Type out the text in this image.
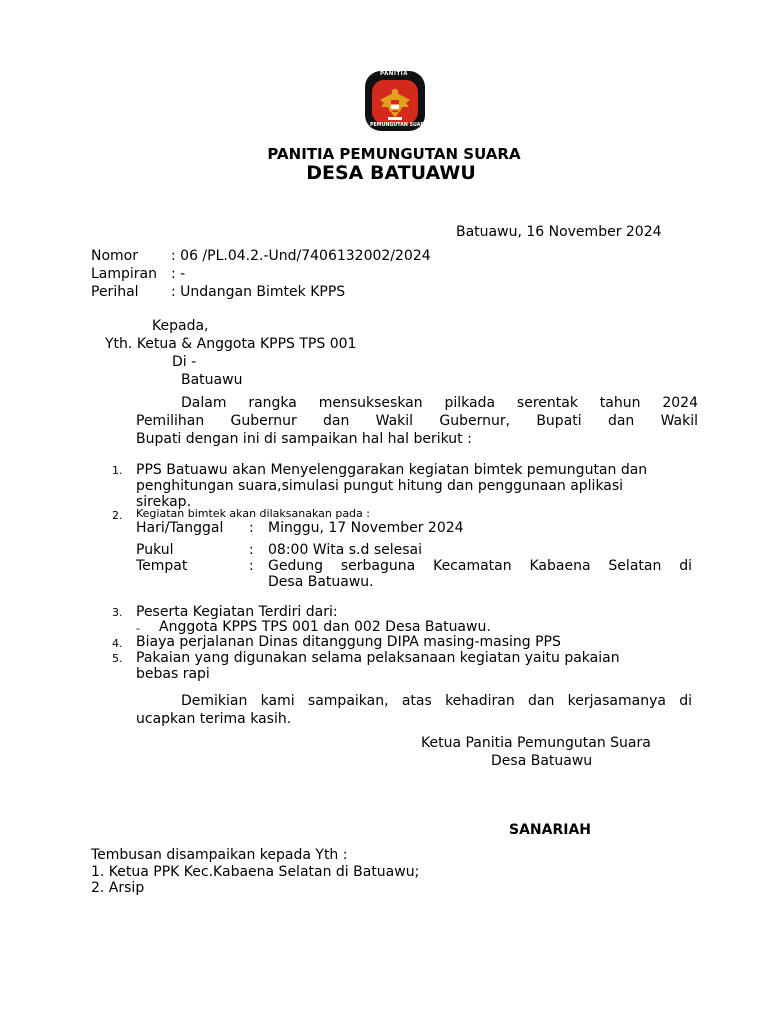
PANITIA
PEMUNGUTAN SUARA
PANITIA PEMUNGUTAN SUARA
DESA BATUAWU
Batuawu, 16 November 2024
Nomor : 06 /PL.04.2.-Und/7406132002/2024
Lampiran : -
Perihal : Undangan Bimtek KPPS
Kepada,
Yth. Ketua & Anggota KPPS TPS 001
Di -
Batuawu
Dalam rangka mensukseskan pilkada serentak tahun 2024
Pemilihan Gubernur dan Wakil Gubernur, Bupati dan Wakil
Bupati dengan ini di sampaikan hal hal berikut :
1. PPS Batuawu akan Menyelenggarakan kegiatan bimtek pemungutan dan
penghitungan suara,simulasi pungut hitung dan penggunaan aplikasi
sirekap.
2. Kegiatan bimtek akan dilaksanakan pada :
Hari/Tanggal : Minggu, 17 November 2024
Pukul	: 08:00 Wita s.d selesai
Tempat	: Gedung serbaguna Kecamatan Kabaena Selatan di
Desa Batuawu.
3. Peserta Kegiatan Terdiri dari:
- Anggota KPPS TPS 001 dan 002 Desa Batuawu.
4. Biaya perjalanan Dinas ditanggung DIPA masing-masing PPS
5. Pakaian yang digunakan selama pelaksanaan kegiatan yaitu pakaian
bebas rapi
Demikian kami sampaikan, atas kehadiran dan kerjasamanya di
ucapkan terima kasih.
Ketua Panitia Pemungutan Suara
Desa Batuawu
SANARIAH
Tembusan disampaikan kepada Yth :
1. Ketua PPK Kec.Kabaena Selatan di Batuawu;
2. Arsip
